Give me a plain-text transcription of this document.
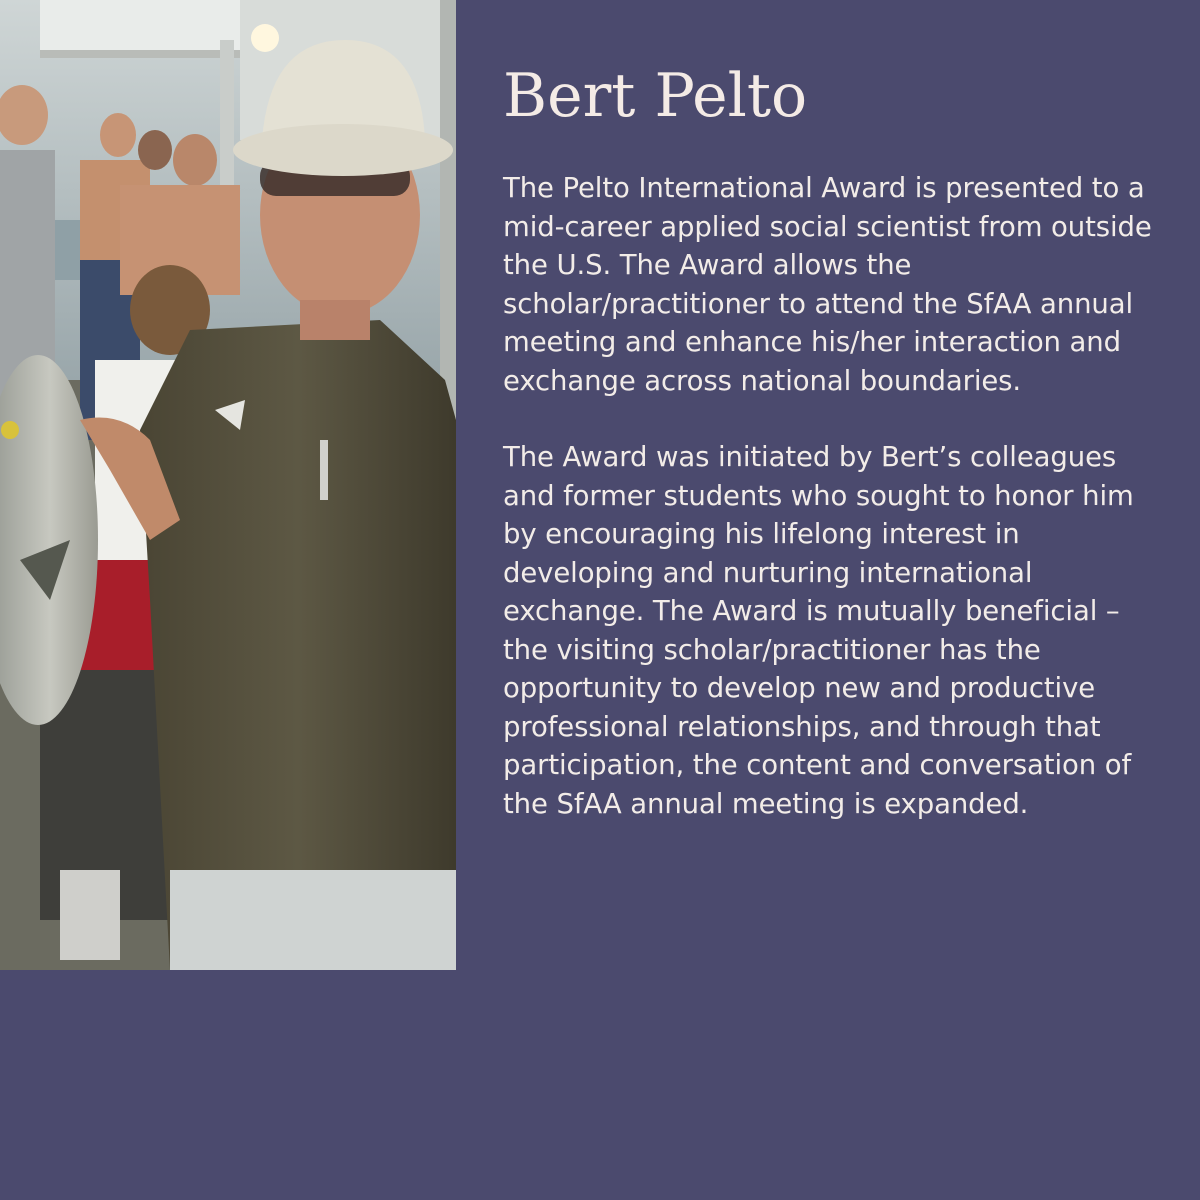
Bert Pelto

The Pelto International Award is presented to a mid-career applied social scientist from outside the U.S. The Award allows the scholar/practitioner to attend the SfAA annual meeting and enhance his/her interaction and exchange across national boundaries.

The Award was initiated by Bert’s colleagues and former students who sought to honor him by encouraging his lifelong interest in developing and nurturing international exchange. The Award is mutually beneficial – the visiting scholar/practitioner has the opportunity to develop new and productive professional relationships, and through that participation, the content and conversation of the SfAA annual meeting is expanded.
